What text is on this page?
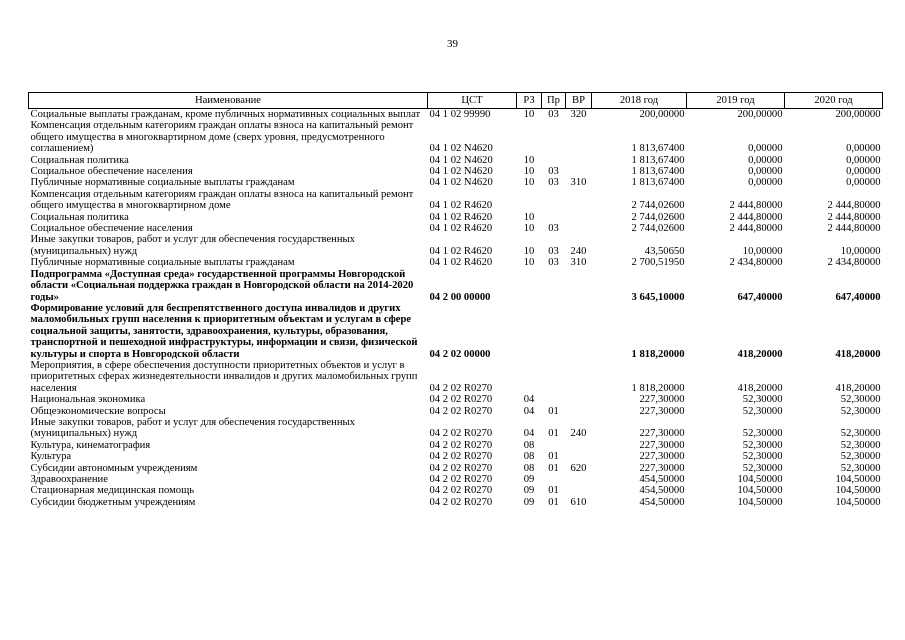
39
Наименование	ЦСТ	РЗ	Пр	ВР	2018 год	2019 год	2020 год
Социальные выплаты гражданам, кроме публичных нормативных социальных выплат	04 1 02 99990	10	03	320	200,00000	200,00000	200,00000
Компенсация отдельным категориям граждан оплаты взноса на капитальный ремонт общего имущества в многоквартирном доме (сверх уровня, предусмотренного соглашением)	04 1 02 N4620				1 813,67400	0,00000	0,00000
Социальная политика	04 1 02 N4620	10			1 813,67400	0,00000	0,00000
Социальное обеспечение населения	04 1 02 N4620	10	03		1 813,67400	0,00000	0,00000
Публичные нормативные социальные выплаты гражданам	04 1 02 N4620	10	03	310	1 813,67400	0,00000	0,00000
Компенсация отдельным категориям граждан оплаты взноса на капитальный ремонт общего имущества в многоквартирном доме	04 1 02 R4620				2 744,02600	2 444,80000	2 444,80000
Социальная политика	04 1 02 R4620	10			2 744,02600	2 444,80000	2 444,80000
Социальное обеспечение населения	04 1 02 R4620	10	03		2 744,02600	2 444,80000	2 444,80000
Иные закупки товаров, работ и услуг для обеспечения государственных (муниципальных) нужд	04 1 02 R4620	10	03	240	43,50650	10,00000	10,00000
Публичные нормативные социальные выплаты гражданам	04 1 02 R4620	10	03	310	2 700,51950	2 434,80000	2 434,80000
Подпрограмма «Доступная среда» государственной программы Новгородской области «Социальная поддержка граждан в Новгородской области на 2014-2020 годы»	04 2 00 00000				3 645,10000	647,40000	647,40000
Формирование условий для беспрепятственного доступа инвалидов и других маломобильных групп населения к приоритетным объектам и услугам в сфере социальной защиты, занятости, здравоохранения, культуры, образования, транспортной и пешеходной инфраструктуры, информации и связи, физической культуры и спорта в Новгородской области	04 2 02 00000				1 818,20000	418,20000	418,20000
Мероприятия, в сфере обеспечения доступности приоритетных объектов и услуг в приоритетных сферах жизнедеятельности инвалидов и других маломобильных групп населения	04 2 02 R0270				1 818,20000	418,20000	418,20000
Национальная экономика	04 2 02 R0270	04			227,30000	52,30000	52,30000
Общеэкономические вопросы	04 2 02 R0270	04	01		227,30000	52,30000	52,30000
Иные закупки товаров, работ и услуг для обеспечения государственных (муниципальных) нужд	04 2 02 R0270	04	01	240	227,30000	52,30000	52,30000
Культура, кинематография	04 2 02 R0270	08			227,30000	52,30000	52,30000
Культура	04 2 02 R0270	08	01		227,30000	52,30000	52,30000
Субсидии автономным учреждениям	04 2 02 R0270	08	01	620	227,30000	52,30000	52,30000
Здравоохранение	04 2 02 R0270	09			454,50000	104,50000	104,50000
Стационарная медицинская помощь	04 2 02 R0270	09	01		454,50000	104,50000	104,50000
Субсидии бюджетным учреждениям	04 2 02 R0270	09	01	610	454,50000	104,50000	104,50000
